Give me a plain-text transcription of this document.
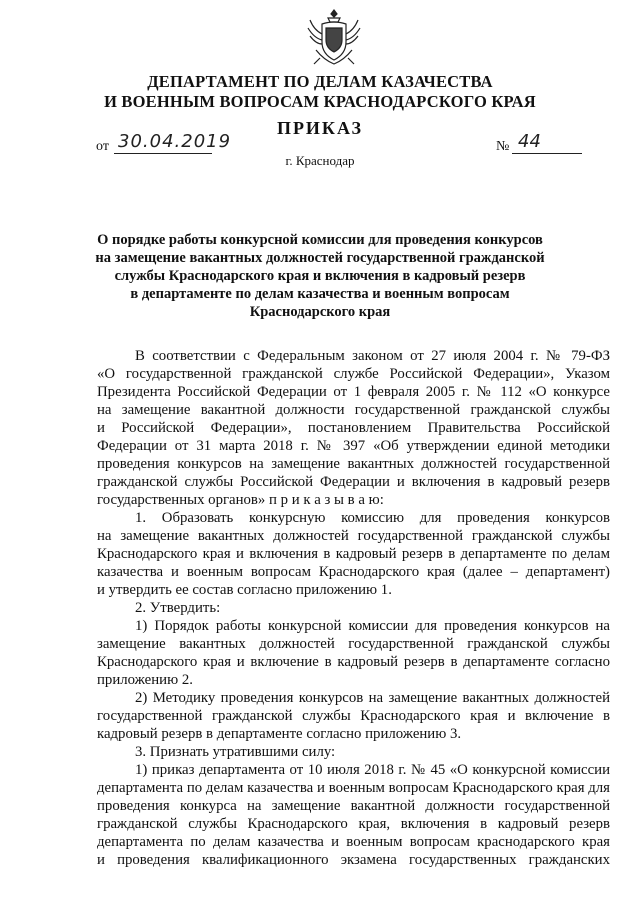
ДЕПАРТАМЕНТ ПО ДЕЛАМ КАЗАЧЕСТВА
И ВОЕННЫМ ВОПРОСАМ КРАСНОДАРСКОГО КРАЯ
ПРИКАЗ
от 30.04.2019	№ 44
г. Краснодар
О порядке работы конкурсной комиссии для проведения конкурсов
на замещение вакантных должностей государственной гражданской
службы Краснодарского края и включения в кадровый резерв
в департаменте по делам казачества и военным вопросам
Краснодарского края
В соответствии с Федеральным законом от 27 июля 2004 г. № 79-ФЗ
«О государственной гражданской службе Российской Федерации», Указом
Президента Российской Федерации от 1 февраля 2005 г. № 112 «О конкурсе
на замещение вакантной должности государственной гражданской службы
и Российской Федерации», постановлением Правительства Российской
Федерации от 31 марта 2018 г. № 397 «Об утверждении единой методики
проведения конкурсов на замещение вакантных должностей государственной
гражданской службы Российской Федерации и включения в кадровый резерв
государственных органов» п р и к а з ы в а ю:
1. Образовать конкурсную комиссию для проведения конкурсов
на замещение вакантных должностей государственной гражданской службы
Краснодарского края и включения в кадровый резерв в департаменте по делам
казачества и военным вопросам Краснодарского края (далее – департамент)
и утвердить ее состав согласно приложению 1.
2. Утвердить:
1) Порядок работы конкурсной комиссии для проведения конкурсов на
замещение вакантных должностей государственной гражданской службы
Краснодарского края и включение в кадровый резерв в департаменте согласно
приложению 2.
2) Методику проведения конкурсов на замещение вакантных должностей
государственной гражданской службы Краснодарского края и включение в
кадровый резерв в департаменте согласно приложению 3.
3. Признать утратившими силу:
1) приказ департамента от 10 июля 2018 г. № 45 «О конкурсной комиссии
департамента по делам казачества и военным вопросам Краснодарского края для
проведения конкурса на замещение вакантной должности государственной
гражданской службы Краснодарского края, включения в кадровый резерв
департамента по делам казачества и военным вопросам краснодарского края
и проведения квалификационного экзамена государственных гражданских
